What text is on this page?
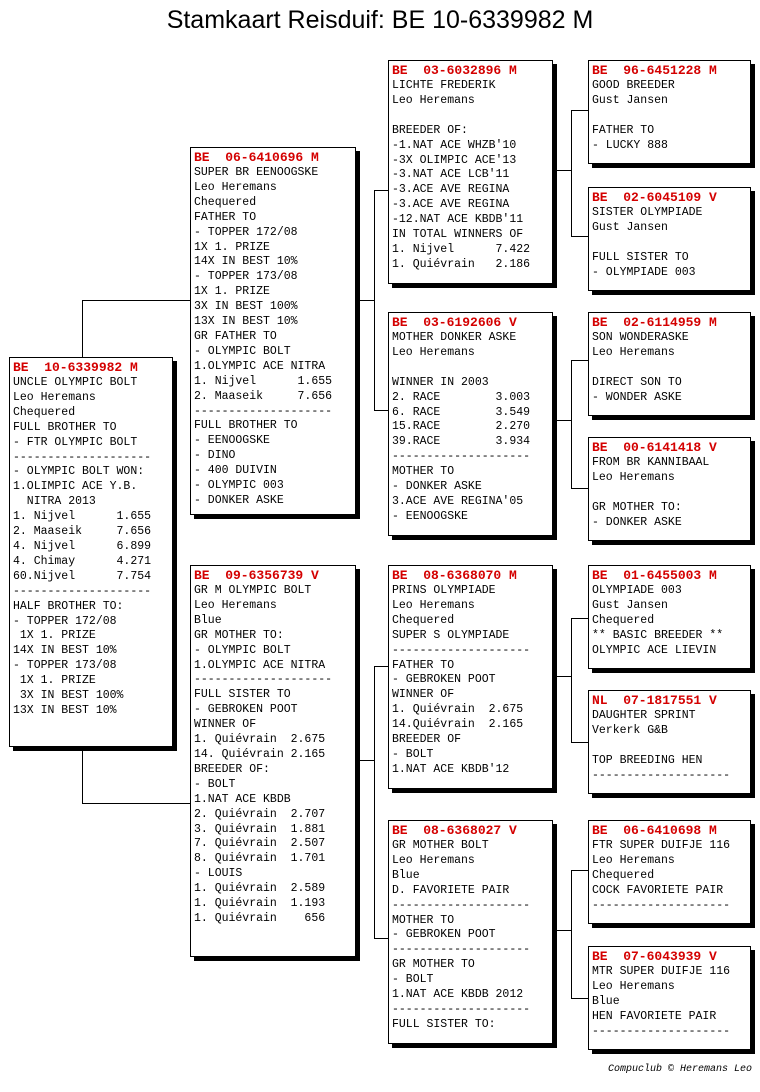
Stamkaart Reisduif: BE 10-6339982 M
BE  10-6339982 M
UNCLE OLYMPIC BOLT
Leo Heremans
Chequered
FULL BROTHER TO
- FTR OLYMPIC BOLT
--------------------
- OLYMPIC BOLT WON:
1.OLIMPIC ACE Y.B.
NITRA 2013
1. Nijvel      1.655
2. Maaseik     7.656
4. Nijvel      6.899
4. Chimay      4.271
60.Nijvel      7.754
--------------------
HALF BROTHER TO:
- TOPPER 172/08
1X 1. PRIZE
14X IN BEST 10%
- TOPPER 173/08
1X 1. PRIZE
3X IN BEST 100%
13X IN BEST 10%
BE  06-6410696 M
SUPER BR EENOOGSKE
Leo Heremans
Chequered
FATHER TO
- TOPPER 172/08
1X 1. PRIZE
14X IN BEST 10%
- TOPPER 173/08
1X 1. PRIZE
3X IN BEST 100%
13X IN BEST 10%
GR FATHER TO
- OLYMPIC BOLT
1.OLYMPIC ACE NITRA
1. Nijvel      1.655
2. Maaseik     7.656
--------------------
FULL BROTHER TO
- EENOOGSKE
- DINO
- 400 DUIVIN
- OLYMPIC 003
- DONKER ASKE
BE  09-6356739 V
GR M OLYMPIC BOLT
Leo Heremans
Blue
GR MOTHER TO:
- OLYMPIC BOLT
1.OLYMPIC ACE NITRA
--------------------
FULL SISTER TO
- GEBROKEN POOT
WINNER OF
1. Quiévrain  2.675
14. Quiévrain 2.165
BREEDER OF:
- BOLT
1.NAT ACE KBDB
2. Quiévrain  2.707
3. Quiévrain  1.881
7. Quiévrain  2.507
8. Quiévrain  1.701
- LOUIS
1. Quiévrain  2.589
1. Quiévrain  1.193
1. Quiévrain    656
BE  03-6032896 M
LICHTE FREDERIK
Leo Heremans

BREEDER OF:
-1.NAT ACE WHZB'10
-3X OLIMPIC ACE'13
-3.NAT ACE LCB'11
-3.ACE AVE REGINA
-3.ACE AVE REGINA
-12.NAT ACE KBDB'11
IN TOTAL WINNERS OF
1. Nijvel      7.422
1. Quiévrain   2.186
BE  03-6192606 V
MOTHER DONKER ASKE
Leo Heremans

WINNER IN 2003
2. RACE        3.003
6. RACE        3.549
15.RACE        2.270
39.RACE        3.934
--------------------
MOTHER TO
- DONKER ASKE
3.ACE AVE REGINA'05
- EENOOGSKE
BE  08-6368070 M
PRINS OLYMPIADE
Leo Heremans
Chequered
SUPER S OLYMPIADE
--------------------
FATHER TO
- GEBROKEN POOT
WINNER OF
1. Quiévrain  2.675
14.Quiévrain  2.165
BREEDER OF
- BOLT
1.NAT ACE KBDB'12
BE  08-6368027 V
GR MOTHER BOLT
Leo Heremans
Blue
D. FAVORIETE PAIR
--------------------
MOTHER TO
- GEBROKEN POOT
--------------------
GR MOTHER TO
- BOLT
1.NAT ACE KBDB 2012
--------------------
FULL SISTER TO:
BE  96-6451228 M
GOOD BREEDER
Gust Jansen

FATHER TO
- LUCKY 888
BE  02-6045109 V
SISTER OLYMPIADE
Gust Jansen

FULL SISTER TO
- OLYMPIADE 003
BE  02-6114959 M
SON WONDERASKE
Leo Heremans

DIRECT SON TO
- WONDER ASKE
BE  00-6141418 V
FROM BR KANNIBAAL
Leo Heremans

GR MOTHER TO:
- DONKER ASKE
BE  01-6455003 M
OLYMPIADE 003
Gust Jansen
Chequered
** BASIC BREEDER **
OLYMPIC ACE LIEVIN
NL  07-1817551 V
DAUGHTER SPRINT
Verkerk G&B

TOP BREEDING HEN
--------------------
BE  06-6410698 M
FTR SUPER DUIFJE 116
Leo Heremans
Chequered
COCK FAVORIETE PAIR
--------------------
BE  07-6043939 V
MTR SUPER DUIFJE 116
Leo Heremans
Blue
HEN FAVORIETE PAIR
--------------------
Compuclub © Heremans Leo
